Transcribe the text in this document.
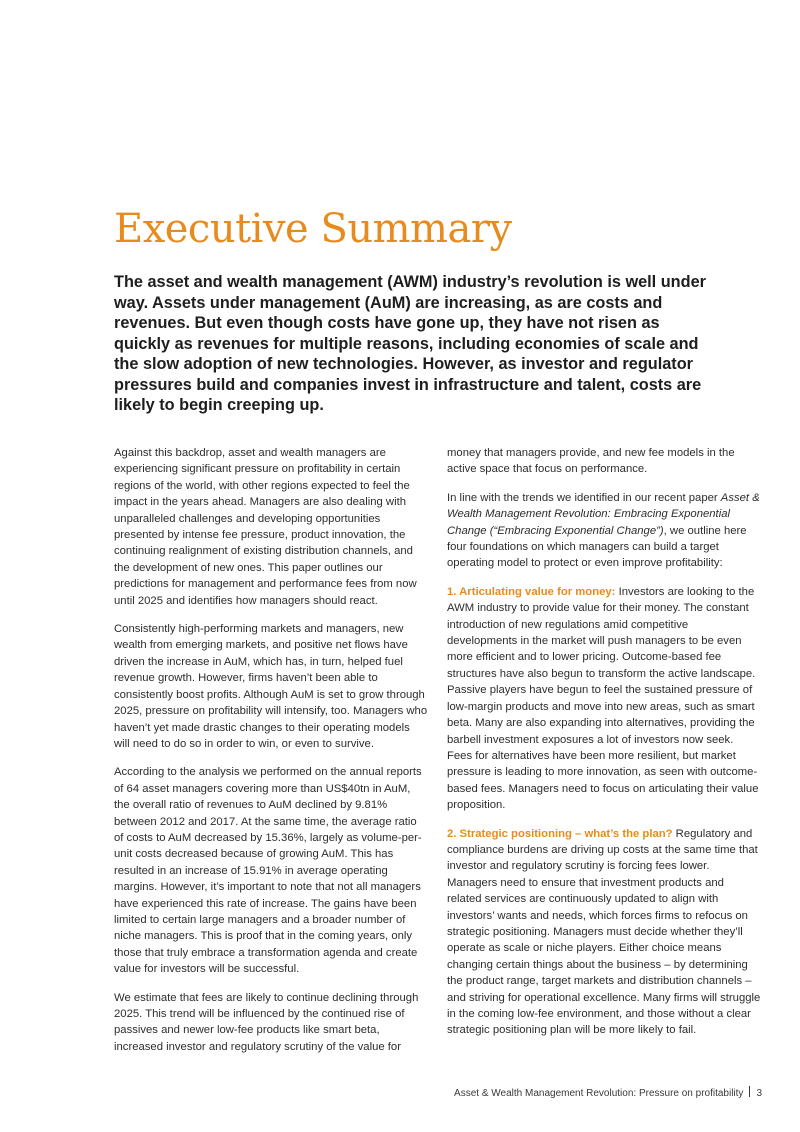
Executive Summary

The asset and wealth management (AWM) industry’s revolution is well under way. Assets under management (AuM) are increasing, as are costs and revenues. But even though costs have gone up, they have not risen as quickly as revenues for multiple reasons, including economies of scale and the slow adoption of new technologies. However, as investor and regulator pressures build and companies invest in infrastructure and talent, costs are likely to begin creeping up.

Against this backdrop, asset and wealth managers are experiencing significant pressure on profitability in certain regions of the world, with other regions expected to feel the impact in the years ahead. Managers are also dealing with unparalleled challenges and developing opportunities presented by intense fee pressure, product innovation, the continuing realignment of existing distribution channels, and the development of new ones. This paper outlines our predictions for management and performance fees from now until 2025 and identifies how managers should react.

Consistently high-performing markets and managers, new wealth from emerging markets, and positive net flows have driven the increase in AuM, which has, in turn, helped fuel revenue growth. However, firms haven’t been able to consistently boost profits. Although AuM is set to grow through 2025, pressure on profitability will intensify, too. Managers who haven’t yet made drastic changes to their operating models will need to do so in order to win, or even to survive.

According to the analysis we performed on the annual reports of 64 asset managers covering more than US$40tn in AuM, the overall ratio of revenues to AuM declined by 9.81% between 2012 and 2017. At the same time, the average ratio of costs to AuM decreased by 15.36%, largely as volume-per-unit costs decreased because of growing AuM. This has resulted in an increase of 15.91% in average operating margins. However, it’s important to note that not all managers have experienced this rate of increase. The gains have been limited to certain large managers and a broader number of niche managers. This is proof that in the coming years, only those that truly embrace a transformation agenda and create value for investors will be successful.

We estimate that fees are likely to continue declining through 2025. This trend will be influenced by the continued rise of passives and newer low-fee products like smart beta, increased investor and regulatory scrutiny of the value for

money that managers provide, and new fee models in the active space that focus on performance.

In line with the trends we identified in our recent paper Asset & Wealth Management Revolution: Embracing Exponential Change (“Embracing Exponential Change”), we outline here four foundations on which managers can build a target operating model to protect or even improve profitability:

1. Articulating value for money: Investors are looking to the AWM industry to provide value for their money. The constant introduction of new regulations amid competitive developments in the market will push managers to be even more efficient and to lower pricing. Outcome-based fee structures have also begun to transform the active landscape. Passive players have begun to feel the sustained pressure of low-margin products and move into new areas, such as smart beta. Many are also expanding into alternatives, providing the barbell investment exposures a lot of investors now seek. Fees for alternatives have been more resilient, but market pressure is leading to more innovation, as seen with outcome-based fees. Managers need to focus on articulating their value proposition.

2. Strategic positioning – what’s the plan? Regulatory and compliance burdens are driving up costs at the same time that investor and regulatory scrutiny is forcing fees lower. Managers need to ensure that investment products and related services are continuously updated to align with investors’ wants and needs, which forces firms to refocus on strategic positioning. Managers must decide whether they’ll operate as scale or niche players. Either choice means changing certain things about the business – by determining the product range, target markets and distribution channels – and striving for operational excellence. Many firms will struggle in the coming low-fee environment, and those without a clear strategic positioning plan will be more likely to fail.

Asset & Wealth Management Revolution: Pressure on profitability 3
